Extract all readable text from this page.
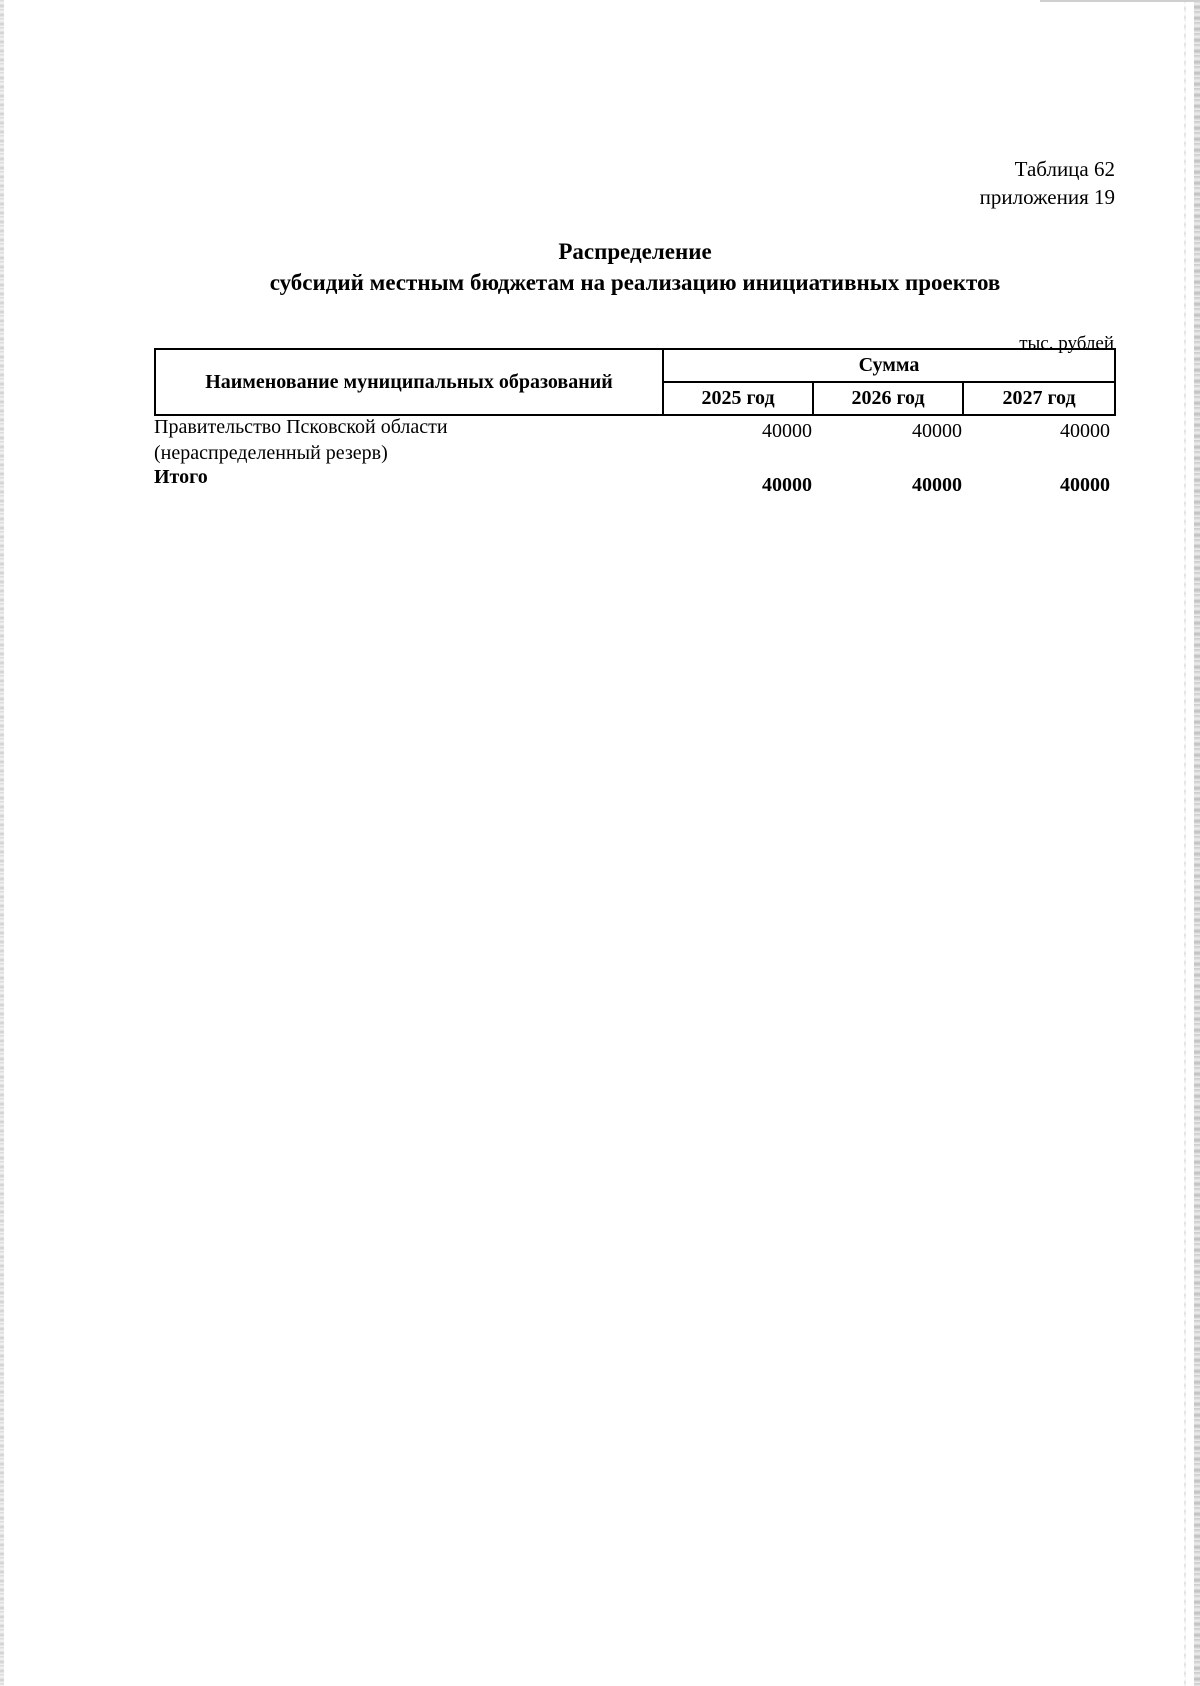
Таблица 62
приложения 19
Распределение
субсидий местным бюджетам на реализацию инициативных проектов
тыс. рублей
Наименование муниципальных образований	Сумма		
	2025 год	2026 год	2027 год
Правительство Псковской области
(нераспределенный резерв)
40000	40000	40000
Итого	40000	40000	40000
